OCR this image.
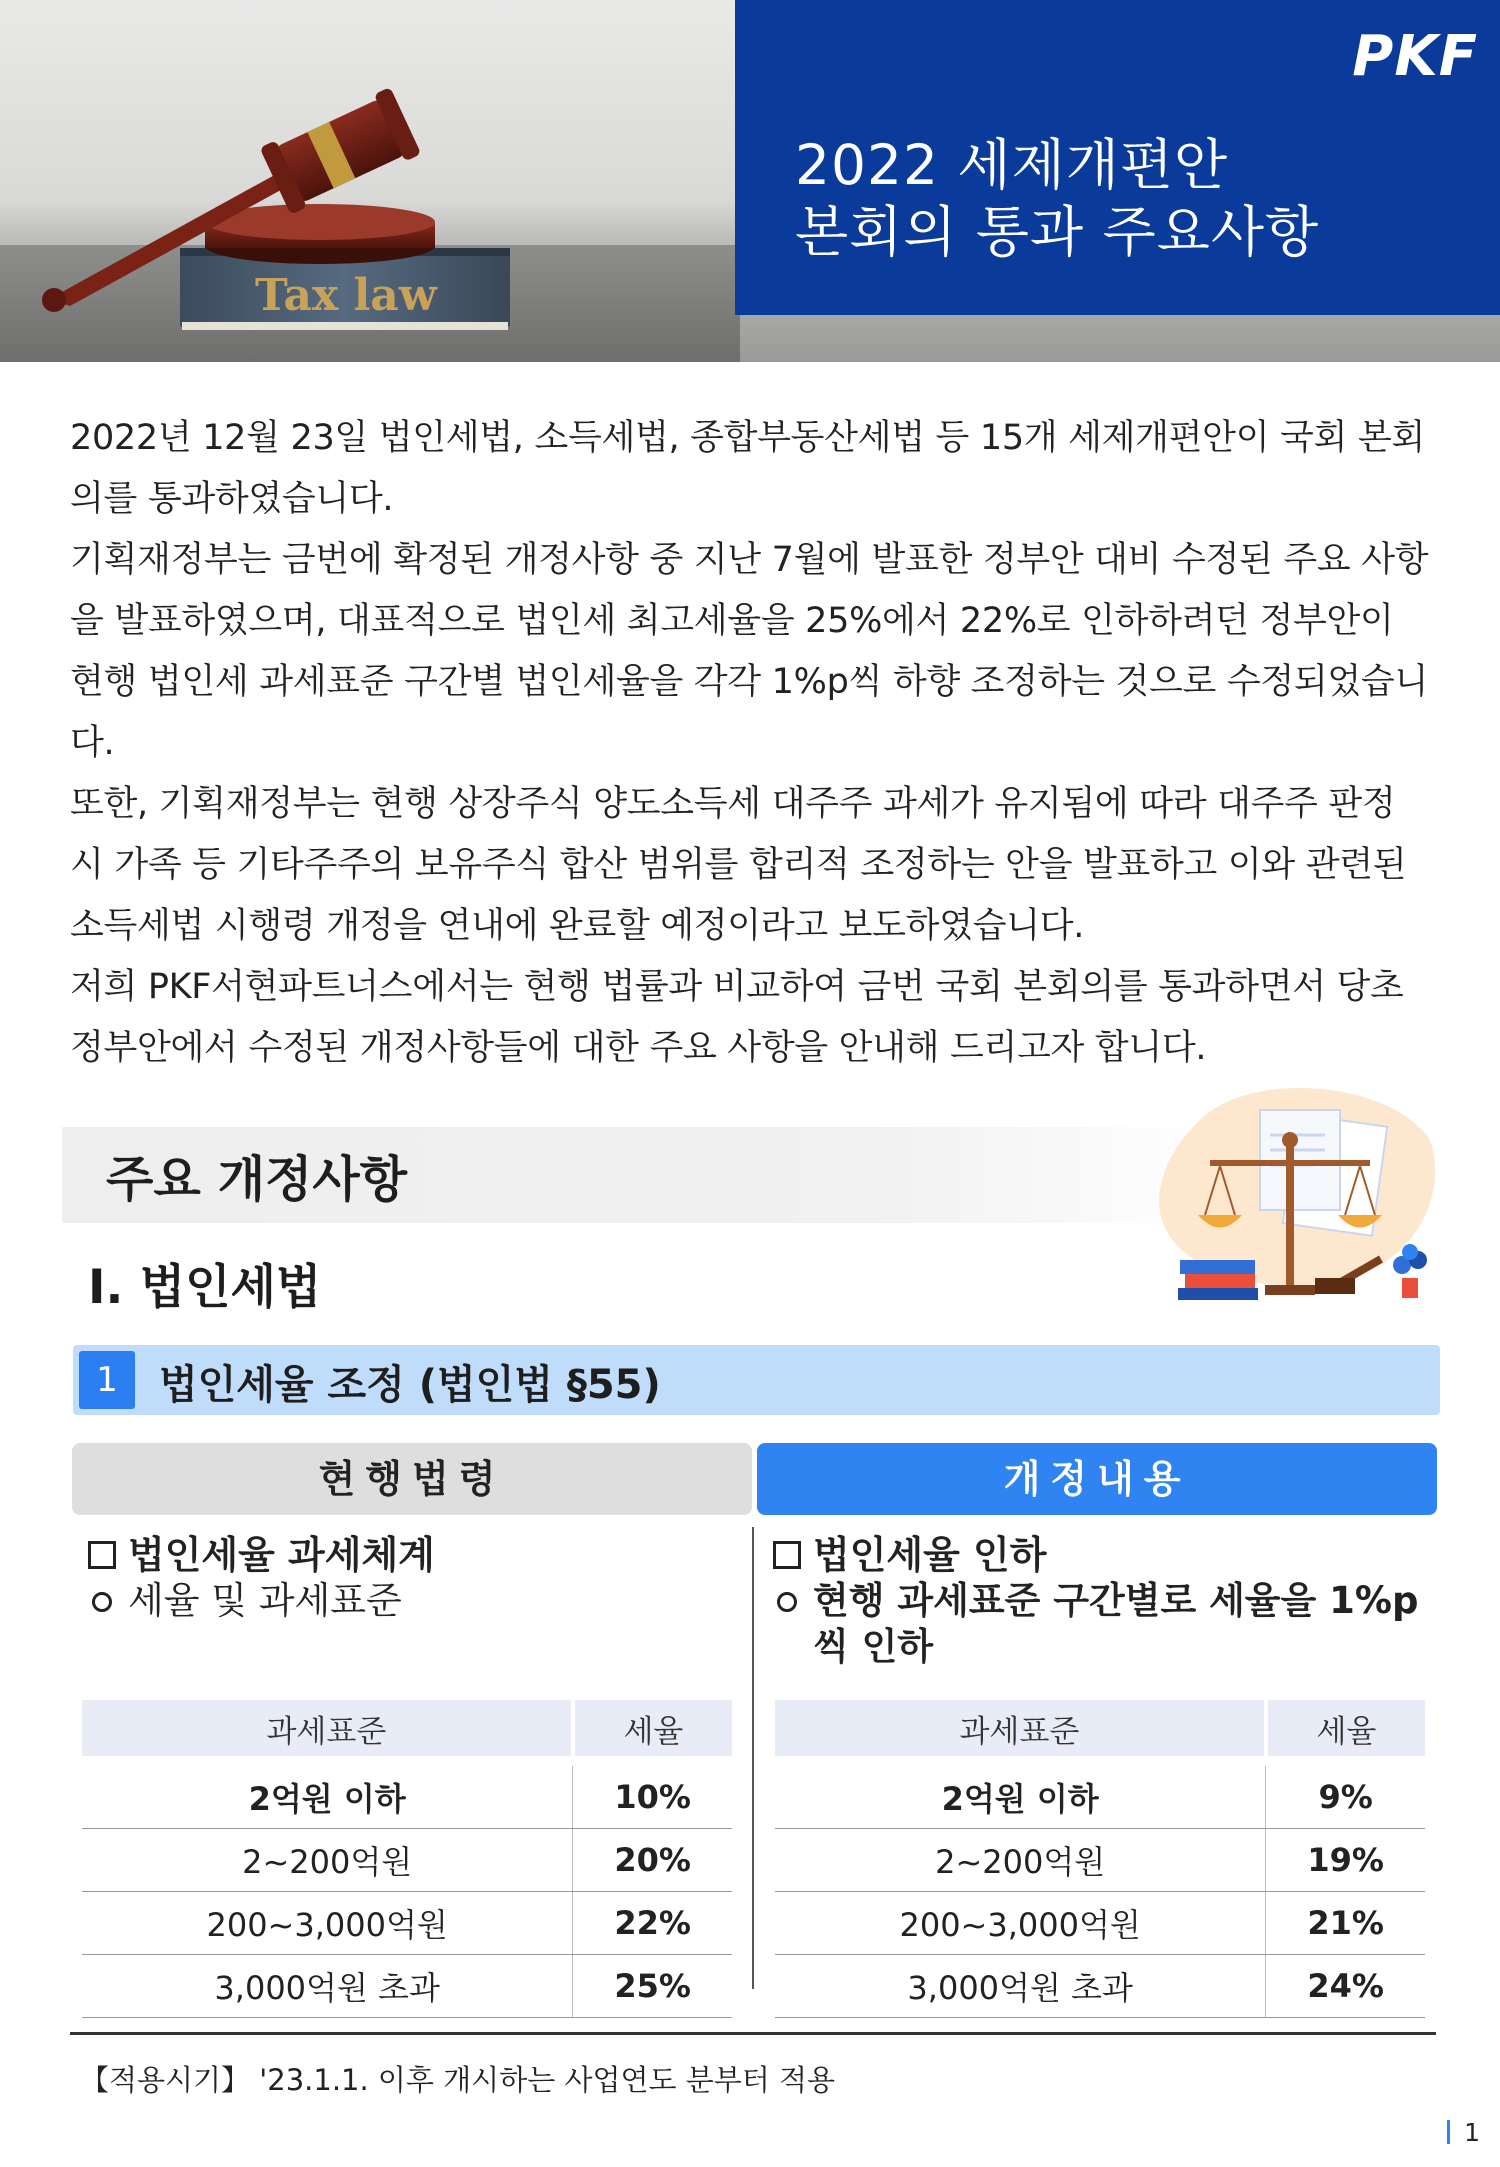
Tax law
PKF
2022 세제개편안
본회의 통과 주요사항

2022년 12월 23일 법인세법, 소득세법, 종합부동산세법 등 15개 세제개편안이 국회 본회의를 통과하였습니다.

기획재정부는 금번에 확정된 개정사항 중 지난 7월에 발표한 정부안 대비 수정된 주요 사항을 발표하였으며, 대표적으로 법인세 최고세율을 25%에서 22%로 인하하려던 정부안이 현행 법인세 과세표준 구간별 법인세율을 각각 1%p씩 하향 조정하는 것으로 수정되었습니다.

또한, 기획재정부는 현행 상장주식 양도소득세 대주주 과세가 유지됨에 따라 대주주 판정 시 가족 등 기타주주의 보유주식 합산 범위를 합리적 조정하는 안을 발표하고 이와 관련된 소득세법 시행령 개정을 연내에 완료할 예정이라고 보도하였습니다.

저희 PKF서현파트너스에서는 현행 법률과 비교하여 금번 국회 본회의를 통과하면서 당초 정부안에서 수정된 개정사항들에 대한 주요 사항을 안내해 드리고자 합니다.

주요 개정사항
I. 법인세법
1	법인세율 조정 (법인법 §55)
현행법령	개정내용
법인세율 과세체계
세율 및 과세표준
법인세율 인하
현행 과세표준 구간별로 세율을 1%p 씩 인하
과세표준	세율

2억원 이하	10%
2~200억원	20%
200~3,000억원	22%
3,000억원 초과	25%
과세표준	세율

2억원 이하	9%
2~200억원	19%
200~3,000억원	21%
3,000억원 초과	24%

【적용시기】 '23.1.1. 이후 개시하는 사업연도 분부터 적용

1
